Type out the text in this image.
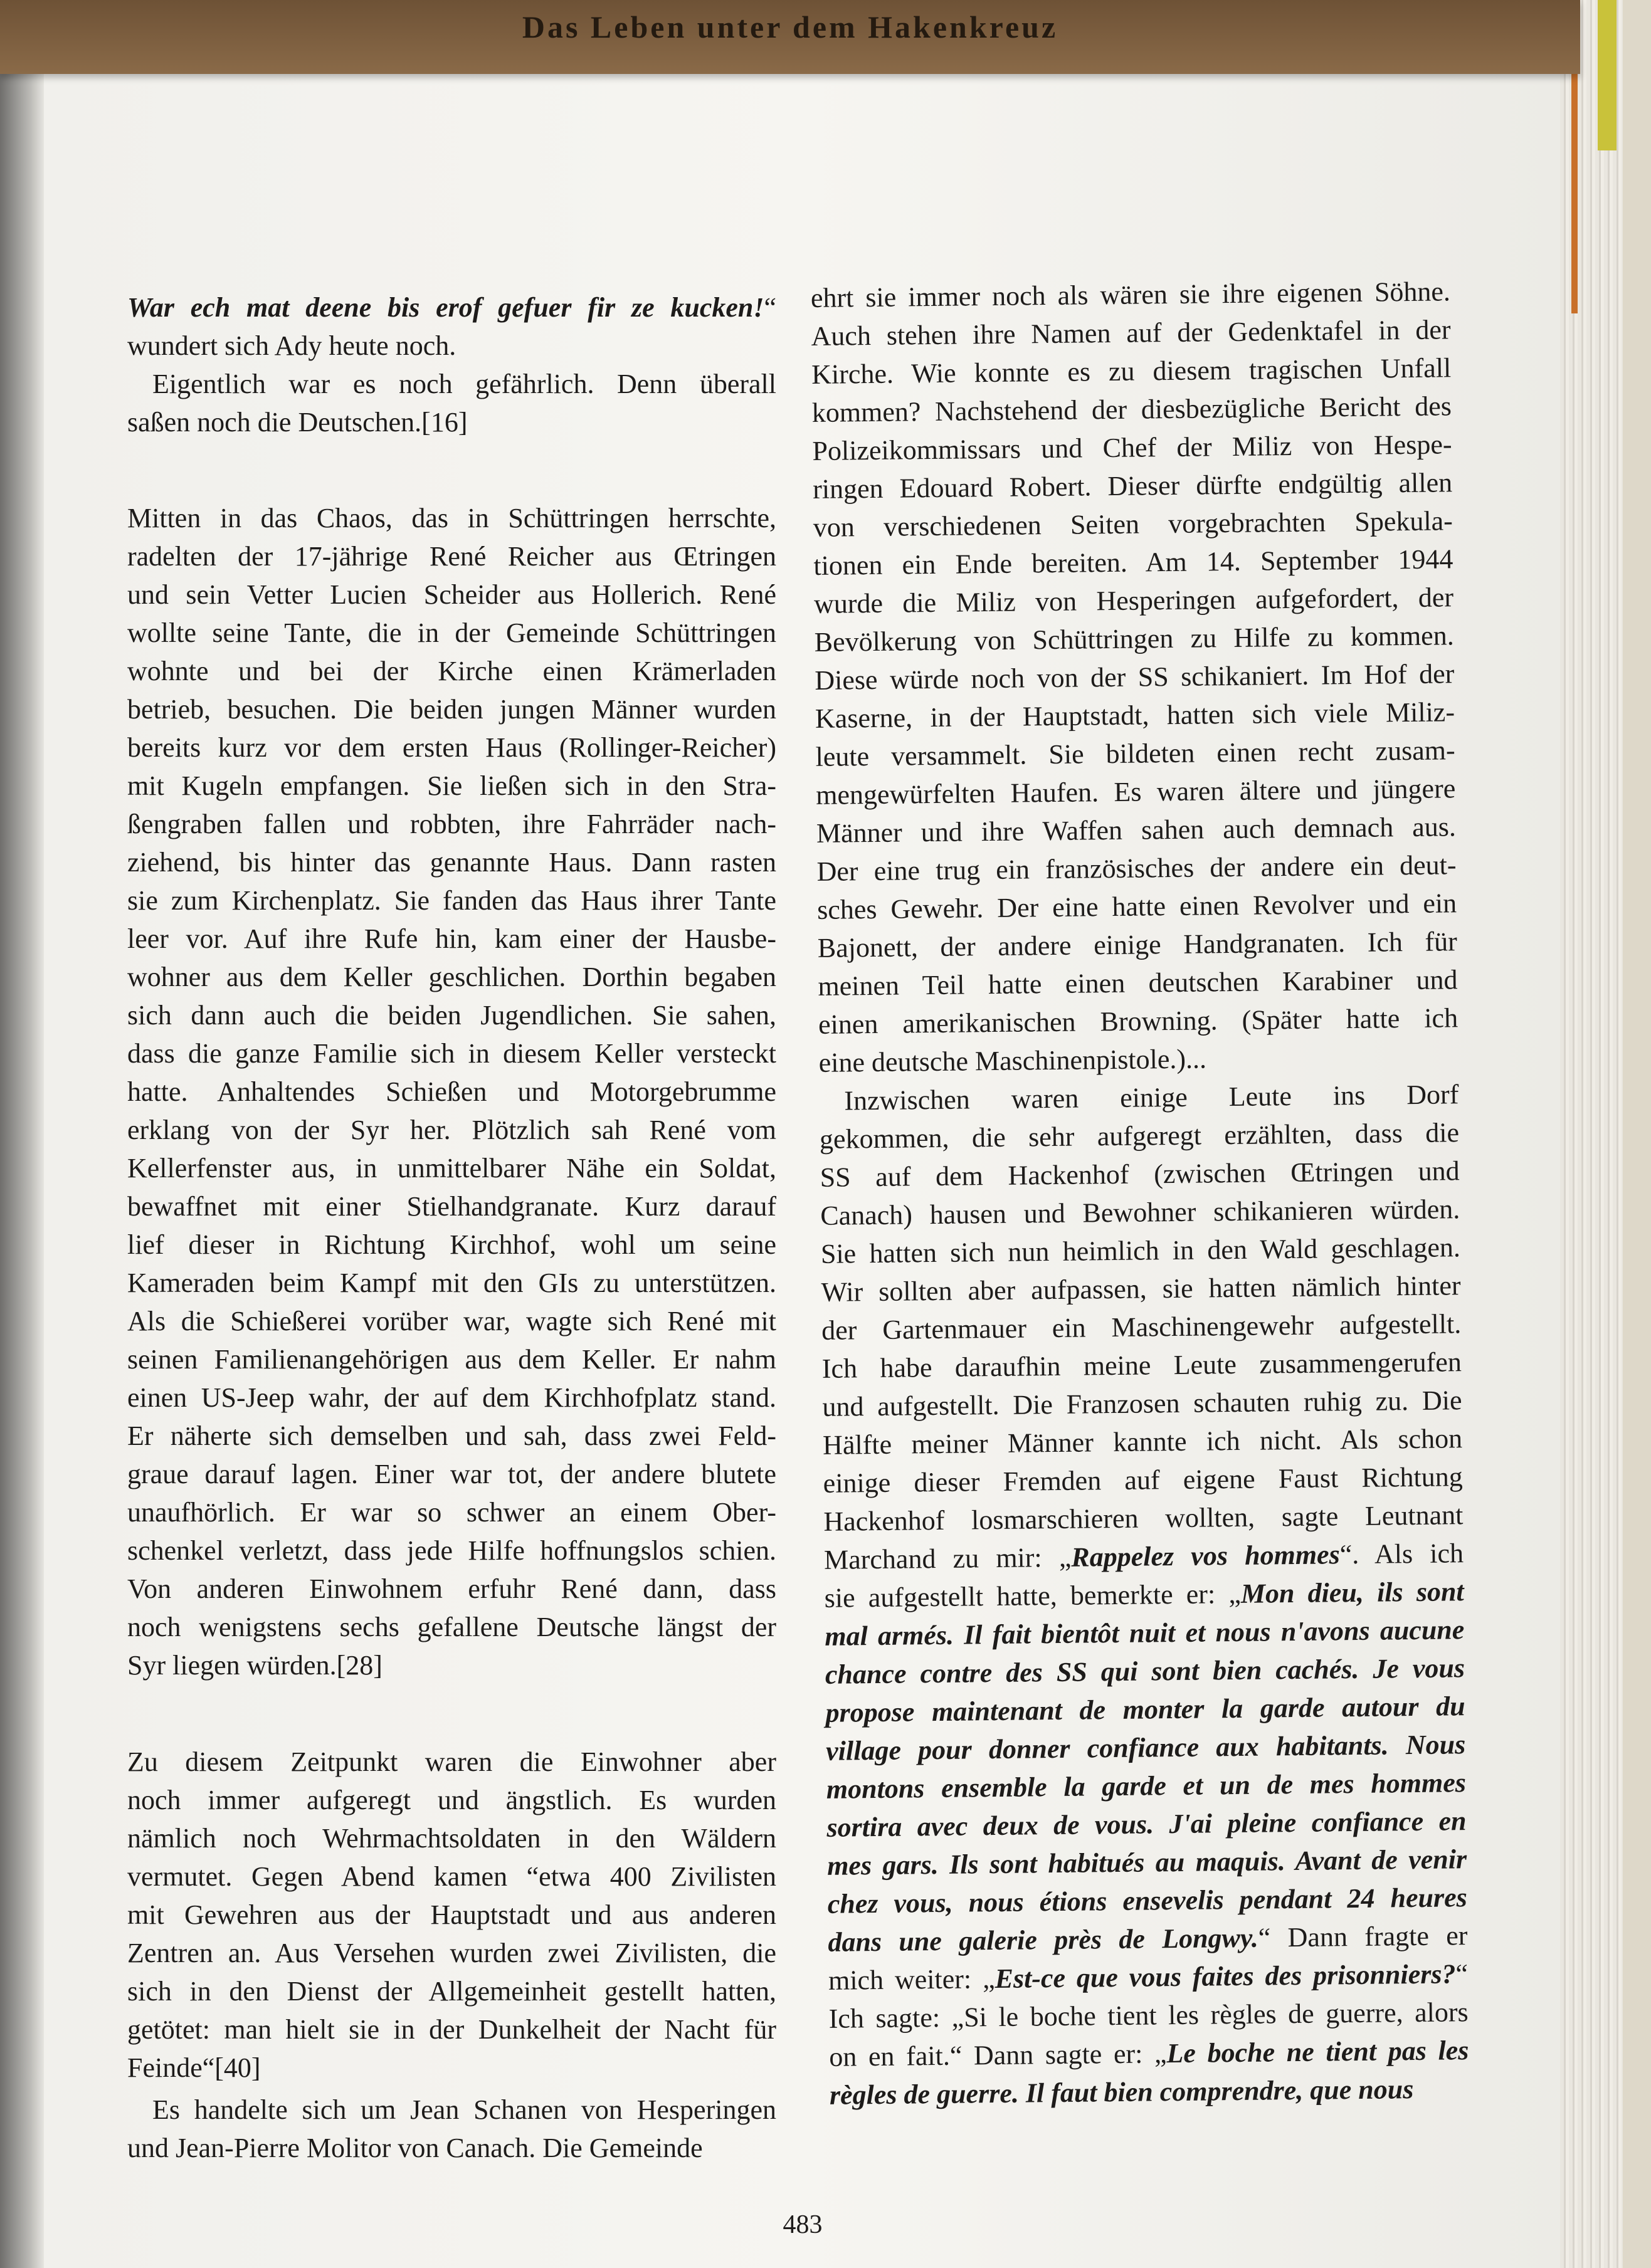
Das Leben unter dem Hakenkreuz
War ech mat deene bis erof gefuer fir ze kucken!“
wundert sich Ady heute noch.
Eigentlich war es noch gefährlich. Denn überall
saßen noch die Deutschen.[16]
Mitten in das Chaos, das in Schüttringen herrschte,
radelten der 17-jährige René Reicher aus Œtringen
und sein Vetter Lucien Scheider aus Hollerich. René
wollte seine Tante, die in der Gemeinde Schüttringen
wohnte und bei der Kirche einen Krämerladen
betrieb, besuchen. Die beiden jungen Männer wurden
bereits kurz vor dem ersten Haus (Rollinger-Reicher)
mit Kugeln empfangen. Sie ließen sich in den Stra-
ßengraben fallen und robbten, ihre Fahrräder nach-
ziehend, bis hinter das genannte Haus. Dann rasten
sie zum Kirchenplatz. Sie fanden das Haus ihrer Tante
leer vor. Auf ihre Rufe hin, kam einer der Hausbe-
wohner aus dem Keller geschlichen. Dorthin begaben
sich dann auch die beiden Jugendlichen. Sie sahen,
dass die ganze Familie sich in diesem Keller versteckt
hatte. Anhaltendes Schießen und Motorgebrumme
erklang von der Syr her. Plötzlich sah René vom
Kellerfenster aus, in unmittelbarer Nähe ein Soldat,
bewaffnet mit einer Stielhandgranate. Kurz darauf
lief dieser in Richtung Kirchhof, wohl um seine
Kameraden beim Kampf mit den GIs zu unterstützen.
Als die Schießerei vorüber war, wagte sich René mit
seinen Familienangehörigen aus dem Keller. Er nahm
einen US-Jeep wahr, der auf dem Kirchhofplatz stand.
Er näherte sich demselben und sah, dass zwei Feld-
graue darauf lagen. Einer war tot, der andere blutete
unaufhörlich. Er war so schwer an einem Ober-
schenkel verletzt, dass jede Hilfe hoffnungslos schien.
Von anderen Einwohnem erfuhr René dann, dass
noch wenigstens sechs gefallene Deutsche längst der
Syr liegen würden.[28]
Zu diesem Zeitpunkt waren die Einwohner aber
noch immer aufgeregt und ängstlich. Es wurden
nämlich noch Wehrmachtsoldaten in den Wäldern
vermutet. Gegen Abend kamen “etwa 400 Zivilisten
mit Gewehren aus der Hauptstadt und aus anderen
Zentren an. Aus Versehen wurden zwei Zivilisten, die
sich in den Dienst der Allgemeinheit gestellt hatten,
getötet: man hielt sie in der Dunkelheit der Nacht für
Feinde“[40]
Es handelte sich um Jean Schanen von Hesperingen
und Jean-Pierre Molitor von Canach. Die Gemeinde
ehrt sie immer noch als wären sie ihre eigenen Söhne.
Auch stehen ihre Namen auf der Gedenktafel in der
Kirche. Wie konnte es zu diesem tragischen Unfall
kommen? Nachstehend der diesbezügliche Bericht des
Polizeikommissars und Chef der Miliz von Hespe-
ringen Edouard Robert. Dieser dürfte endgültig allen
von verschiedenen Seiten vorgebrachten Spekula-
tionen ein Ende bereiten. Am 14. September 1944
wurde die Miliz von Hesperingen aufgefordert, der
Bevölkerung von Schüttringen zu Hilfe zu kommen.
Diese würde noch von der SS schikaniert. Im Hof der
Kaserne, in der Hauptstadt, hatten sich viele Miliz-
leute versammelt. Sie bildeten einen recht zusam-
mengewürfelten Haufen. Es waren ältere und jüngere
Männer und ihre Waffen sahen auch demnach aus.
Der eine trug ein französisches der andere ein deut-
sches Gewehr. Der eine hatte einen Revolver und ein
Bajonett, der andere einige Handgranaten. Ich für
meinen Teil hatte einen deutschen Karabiner und
einen amerikanischen Browning. (Später hatte ich
eine deutsche Maschinenpistole.)...
Inzwischen waren einige Leute ins Dorf
gekommen, die sehr aufgeregt erzählten, dass die
SS auf dem Hackenhof (zwischen Œtringen und
Canach) hausen und Bewohner schikanieren würden.
Sie hatten sich nun heimlich in den Wald geschlagen.
Wir sollten aber aufpassen, sie hatten nämlich hinter
der Gartenmauer ein Maschinengewehr aufgestellt.
Ich habe daraufhin meine Leute zusammengerufen
und aufgestellt. Die Franzosen schauten ruhig zu. Die
Hälfte meiner Männer kannte ich nicht. Als schon
einige dieser Fremden auf eigene Faust Richtung
Hackenhof losmarschieren wollten, sagte Leutnant
Marchand zu mir: „Rappelez vos hommes“. Als ich
sie aufgestellt hatte, bemerkte er: „Mon dieu, ils sont
mal armés. Il fait bientôt nuit et nous n'avons aucune
chance contre des SS qui sont bien cachés. Je vous
propose maintenant de monter la garde autour du
village pour donner confiance aux habitants. Nous
montons ensemble la garde et un de mes hommes
sortira avec deux de vous. J'ai pleine confiance en
mes gars. Ils sont habitués au maquis. Avant de venir
chez vous, nous étions ensevelis pendant 24 heures
dans une galerie près de Longwy.“ Dann fragte er
mich weiter: „Est-ce que vous faites des prisonniers?“
Ich sagte: „Si le boche tient les règles de guerre, alors
on en fait.“ Dann sagte er: „Le boche ne tient pas les
règles de guerre. Il faut bien comprendre, que nous
483
